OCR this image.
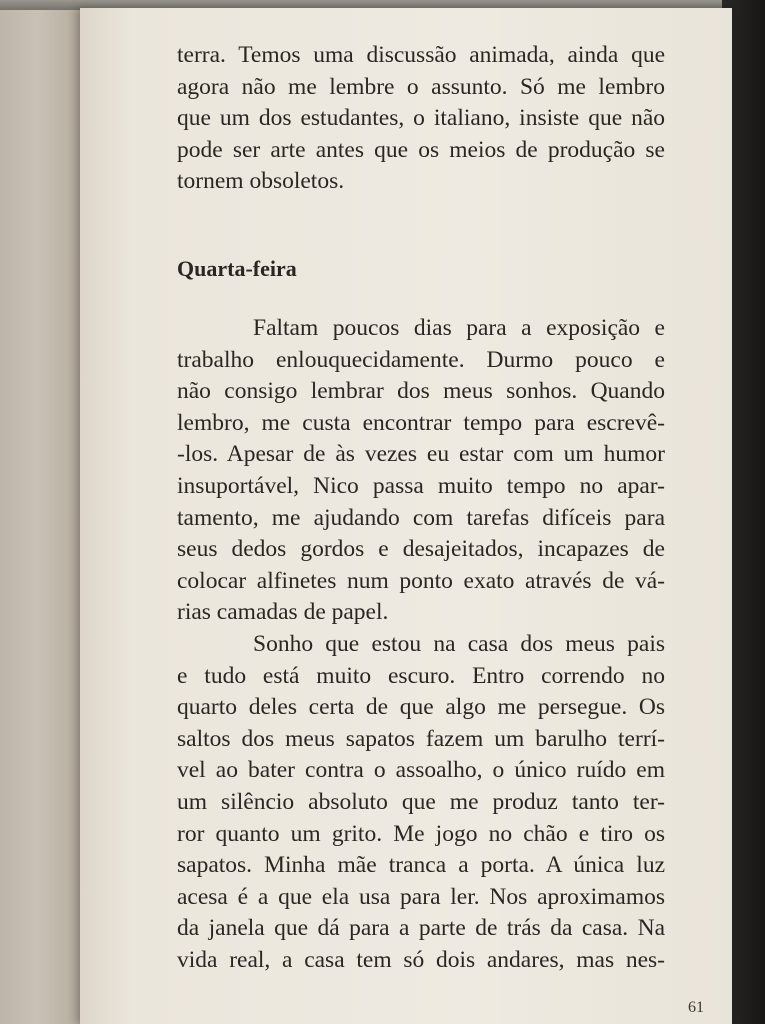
terra. Temos uma discussão animada, ainda que
agora não me lembre o assunto. Só me lembro
que um dos estudantes, o italiano, insiste que não
pode ser arte antes que os meios de produção se
tornem obsoletos.
Quarta-feira
Faltam poucos dias para a exposição e
trabalho enlouquecidamente. Durmo pouco e
não consigo lembrar dos meus sonhos. Quando
lembro, me custa encontrar tempo para escrevê-
-los. Apesar de às vezes eu estar com um humor
insuportável, Nico passa muito tempo no apar-
tamento, me ajudando com tarefas difíceis para
seus dedos gordos e desajeitados, incapazes de
colocar alfinetes num ponto exato através de vá-
rias camadas de papel.
Sonho que estou na casa dos meus pais
e tudo está muito escuro. Entro correndo no
quarto deles certa de que algo me persegue. Os
saltos dos meus sapatos fazem um barulho terrí-
vel ao bater contra o assoalho, o único ruído em
um silêncio absoluto que me produz tanto ter-
ror quanto um grito. Me jogo no chão e tiro os
sapatos. Minha mãe tranca a porta. A única luz
acesa é a que ela usa para ler. Nos aproximamos
da janela que dá para a parte de trás da casa. Na
vida real, a casa tem só dois andares, mas nes-
61
